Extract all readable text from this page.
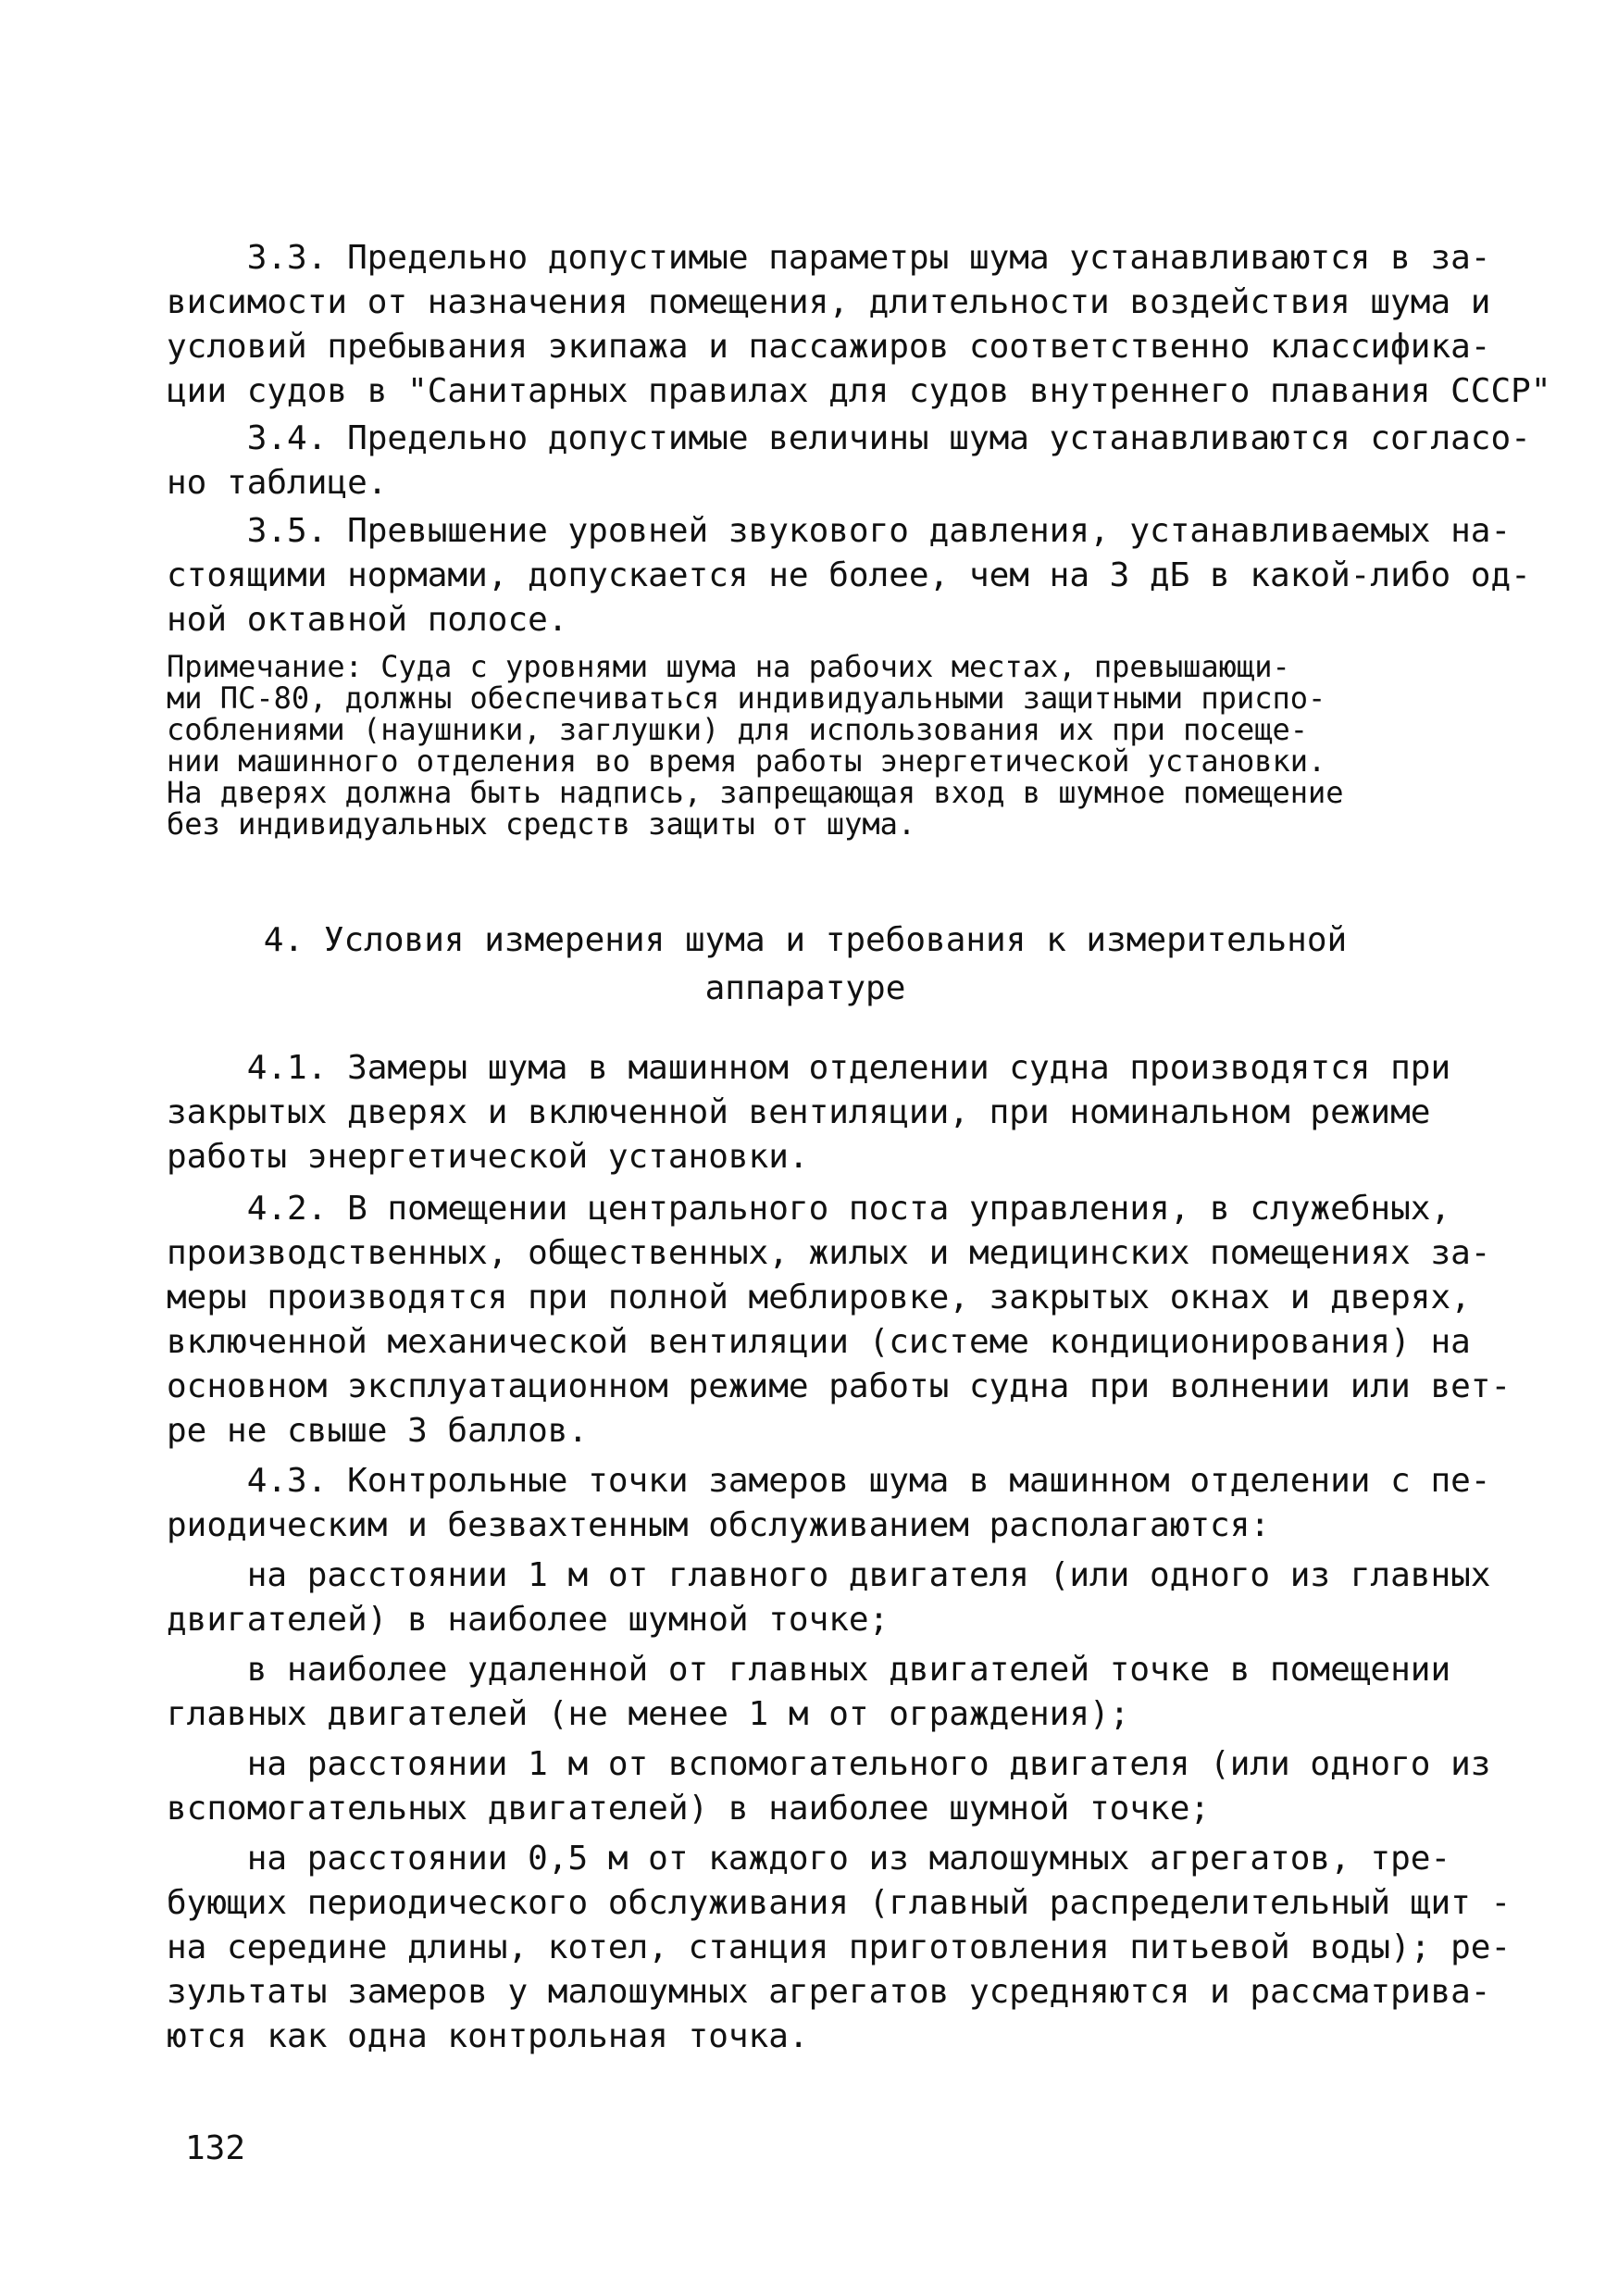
3.3. Предельно допустимые параметры шума устанавливаются в за-
висимости от назначения помещения, длительности воздействия шума и
условий пребывания экипажа и пассажиров соответственно классифика-
ции судов в "Санитарных правилах для судов внутреннего плавания СССР"
3.4. Предельно допустимые величины шума устанавливаются согласо-
но таблице.
3.5. Превышение уровней звукового давления, устанавливаемых на-
стоящими нормами, допускается не более, чем на 3 дБ в какой-либо од-
ной октавной полосе.
Примечание: Суда с уровнями шума на рабочих местах, превышающи-
ми ПС-80, должны обеспечиваться индивидуальными защитными приспо-
соблениями (наушники, заглушки) для использования их при посеще-
нии машинного отделения во время работы энергетической установки.
На дверях должна быть надпись, запрещающая вход в шумное помещение
без индивидуальных средств защиты от шума.
4. Условия измерения шума и требования к измерительной
аппаратуре
4.1. Замеры шума в машинном отделении судна производятся при
закрытых дверях и включенной вентиляции, при номинальном режиме
работы энергетической установки.
4.2. В помещении центрального поста управления, в служебных,
производственных, общественных, жилых и медицинских помещениях за-
меры производятся при полной меблировке, закрытых окнах и дверях,
включенной механической вентиляции (системе кондиционирования) на
основном эксплуатационном режиме работы судна при волнении или вет-
ре не свыше 3 баллов.
4.3. Контрольные точки замеров шума в машинном отделении с пе-
риодическим и безвахтенным обслуживанием располагаются:
на расстоянии 1 м от главного двигателя (или одного из главных
двигателей) в наиболее шумной точке;
в наиболее удаленной от главных двигателей точке в помещении
главных двигателей (не менее 1 м от ограждения);
на расстоянии 1 м от вспомогательного двигателя (или одного из
вспомогательных двигателей) в наиболее шумной точке;
на расстоянии 0,5 м от каждого из малошумных агрегатов, тре-
бующих периодического обслуживания (главный распределительный щит -
на середине длины, котел, станция приготовления питьевой воды); ре-
зультаты замеров у малошумных агрегатов усредняются и рассматрива-
ются как одна контрольная точка.
132
